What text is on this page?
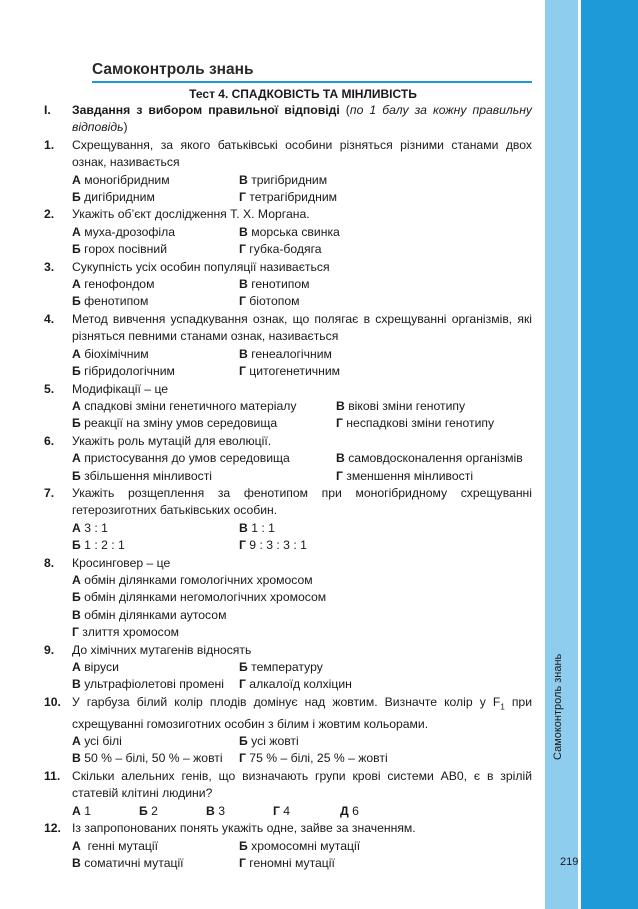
Самоконтроль знань
219
Самоконтроль знань
Тест 4. СПАДКОВІСТЬ ТА МІНЛИВІСТЬ
І. Завдання з вибором правильної відповіді (по 1 балу за кожну правильну відповідь)
1. Схрещування, за якого батьківські особини різняться різними станами двох ознак, називається
А моногібридним	В тригібридним
Б дигібридним	Г тетрагібридним
2. Укажіть об’єкт дослідження Т. Х. Моргана.
А муха-дрозофіла	В морська свинка
Б горох посівний	Г губка-бодяга
3. Сукупність усіх особин популяції називається
А генофондом	В генотипом
Б фенотипом	Г біотопом
4. Метод вивчення успадкування ознак, що полягає в схрещуванні організмів, які різняться певними станами ознак, називається
А біохімічним	В генеалогічним
Б гібридологічним	Г цитогенетичним
5. Модифікації – це
А спадкові зміни генетичного матеріалу	В вікові зміни генотипу
Б реакції на зміну умов середовища	Г неспадкові зміни генотипу
6. Укажіть роль мутацій для еволюції.
А пристосування до умов середовища	В самовдосконалення організмів
Б збільшення мінливості	Г зменшення мінливості
7. Укажіть розщеплення за фенотипом при моногібридному схрещуванні гетерозиготних батьківських особин.
А 3 : 1	В 1 : 1
Б 1 : 2 : 1	Г 9 : 3 : 3 : 1
8. Кросинговер – це
А обмін ділянками гомологічних хромосом
Б обмін ділянками негомологічних хромосом
В обмін ділянками аутосом
Г злиття хромосом
9. До хімічних мутагенів відносять
А віруси	Б температуру
В ультрафіолетові промені	Г алкалоїд колхіцин
10. У гарбуза білий колір плодів домінує над жовтим. Визначте колір у $F_1$ при схрещуванні гомозиготних особин з білим і жовтим кольорами.
А усі білі	Б усі жовті
В 50 % – білі, 50 % – жовті	Г 75 % – білі, 25 % – жовті
11. Скільки алельних генів, що визначають групи крові системи АВ0, є в зрілій статевій клітині людини?
А 1	Б 2	В 3	Г 4	Д 6
12. Із запропонованих понять укажіть одне, зайве за значенням.
А  генні мутації	Б хромосомні мутації
В соматичні мутації	Г геномні мутації
